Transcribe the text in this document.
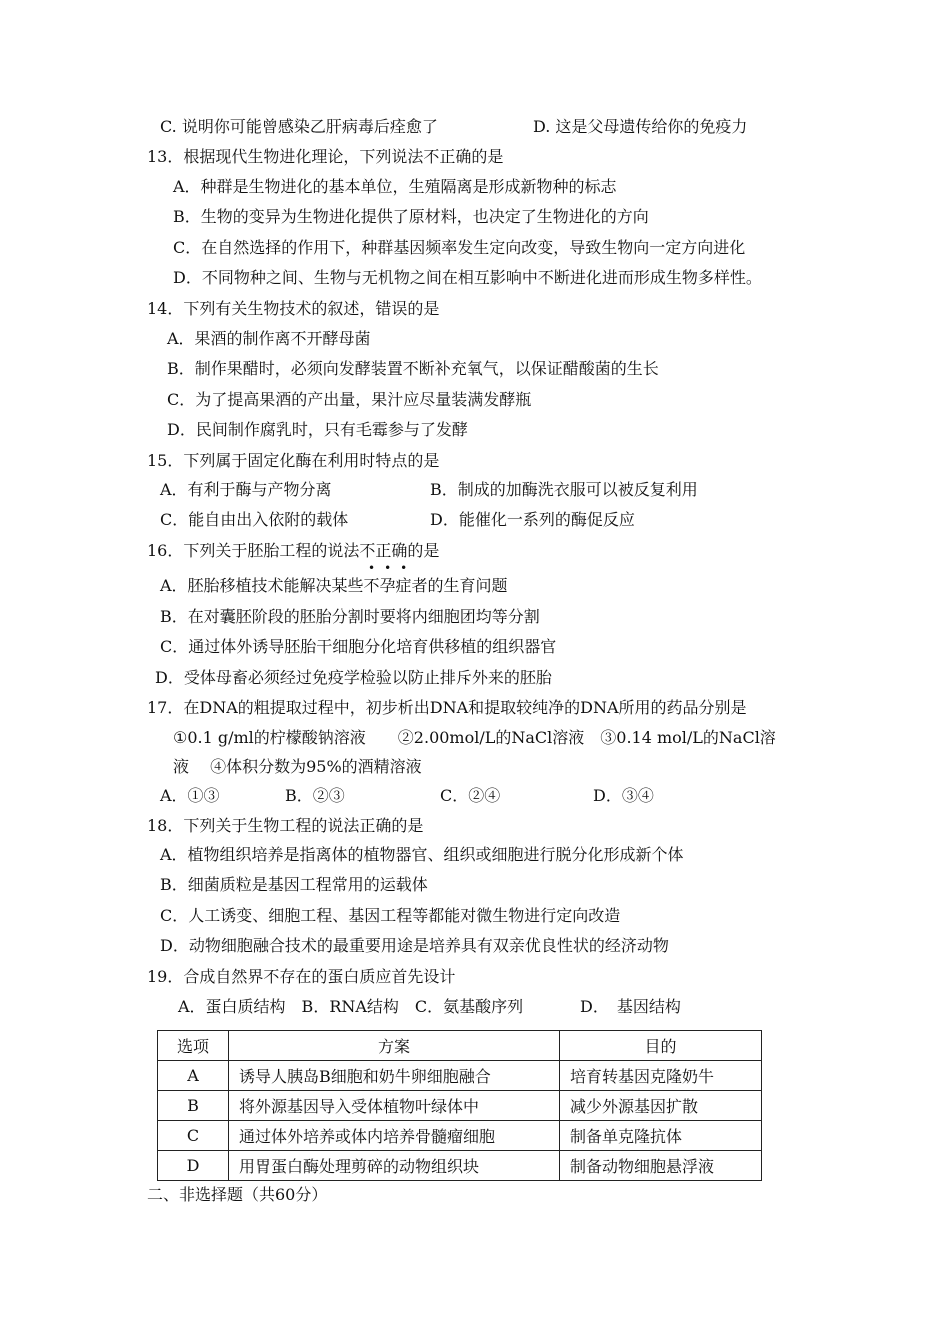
C. 说明你可能曾感染乙肝病毒后痊愈了	D. 这是父母遗传给你的免疫力
13．根据现代生物进化理论，下列说法不正确的是
A．种群是生物进化的基本单位，生殖隔离是形成新物种的标志
B．生物的变异为生物进化提供了原材料，也决定了生物进化的方向
C．在自然选择的作用下，种群基因频率发生定向改变，导致生物向一定方向进化
D．不同物种之间、生物与无机物之间在相互影响中不断进化进而形成生物多样性。
14．下列有关生物技术的叙述，错误的是
A．果酒的制作离不开酵母菌
B．制作果醋时，必须向发酵装置不断补充氧气，以保证醋酸菌的生长
C．为了提高果酒的产出量，果汁应尽量装满发酵瓶
D．民间制作腐乳时，只有毛霉参与了发酵
15．下列属于固定化酶在利用时特点的是
A．有利于酶与产物分离	B．制成的加酶洗衣服可以被反复利用
C．能自由出入依附的载体	D．能催化一系列的酶促反应
16．下列关于胚胎工程的说法不正确的是
•••
A．胚胎移植技术能解决某些不孕症者的生育问题
B．在对囊胚阶段的胚胎分割时要将内细胞团均等分割
C．通过体外诱导胚胎干细胞分化培育供移植的组织器官
D．受体母畜必须经过免疫学检验以防止排斥外来的胚胎
17．在DNA的粗提取过程中，初步析出DNA和提取较纯净的DNA所用的药品分别是
①0.1 g/ml的柠檬酸钠溶液　　②2.00mol/L的NaCl溶液　③0.14 mol/L的NaCl溶
液　 ④体积分数为95%的酒精溶液
A．①③	B．②③	C．②④	D．③④
18．下列关于生物工程的说法正确的是
A．植物组织培养是指离体的植物器官、组织或细胞进行脱分化形成新个体
B．细菌质粒是基因工程常用的运载体
C．人工诱变、细胞工程、基因工程等都能对微生物进行定向改造
D．动物细胞融合技术的最重要用途是培养具有双亲优良性状的经济动物
19．合成自然界不存在的蛋白质应首先设计
A．蛋白质结构　B．RNA结构　C．氨基酸序列	D．　基因结构
选项	方案	目的
A	诱导人胰岛B细胞和奶牛卵细胞融合	培育转基因克隆奶牛
B	将外源基因导入受体植物叶绿体中	减少外源基因扩散
C	通过体外培养或体内培养骨髓瘤细胞	制备单克隆抗体
D	用胃蛋白酶处理剪碎的动物组织块	制备动物细胞悬浮液
二、非选择题（共60分）
